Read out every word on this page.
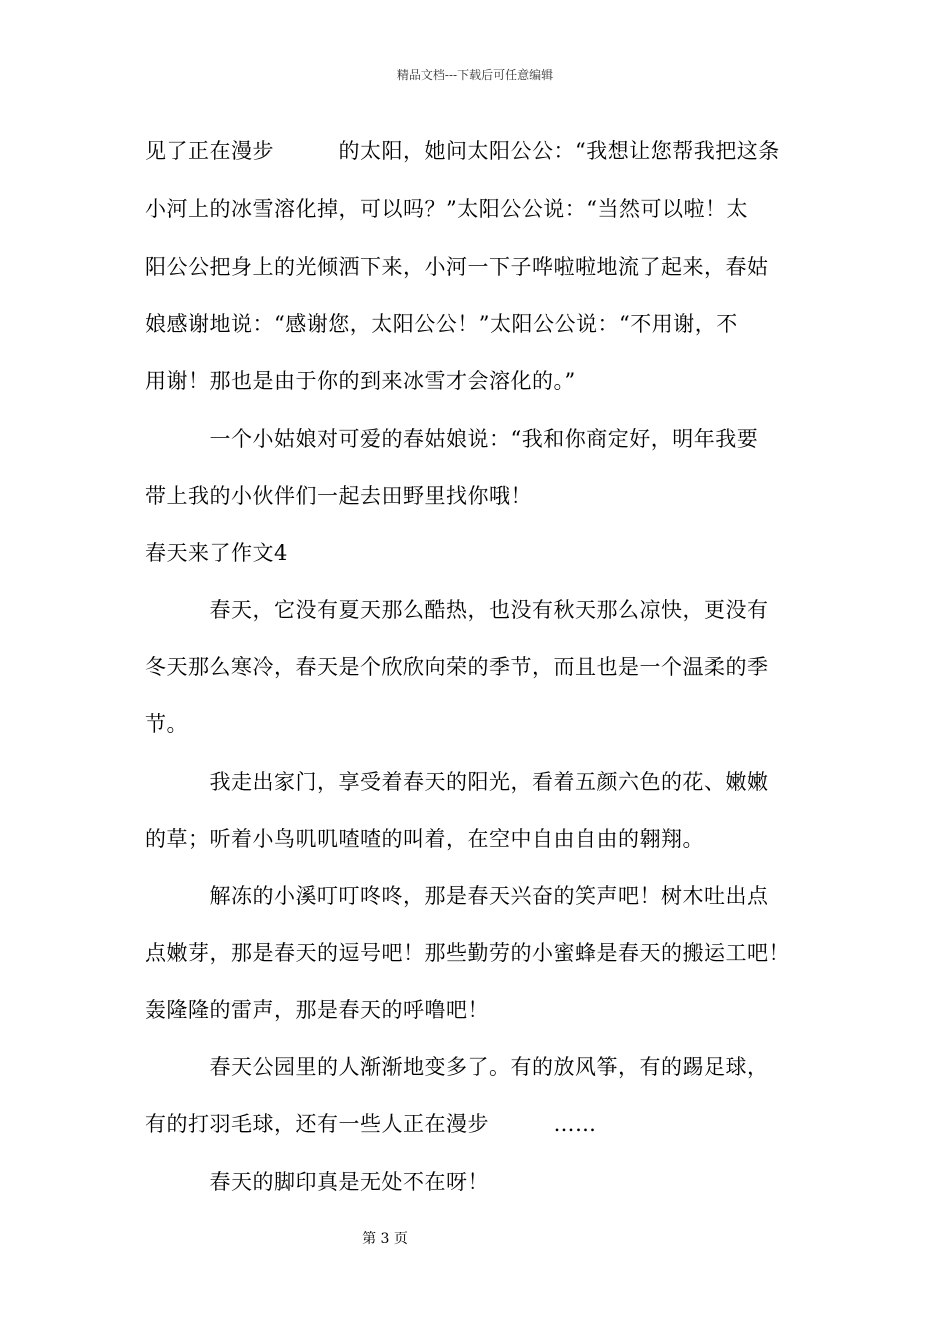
精品文档---下载后可任意编辑
见了正在漫步　　　的太阳，她问太阳公公：“我想让您帮我把这条
小河上的冰雪溶化掉，可以吗？”太阳公公说：“当然可以啦！太
阳公公把身上的光倾洒下来，小河一下子哗啦啦地流了起来，春姑
娘感谢地说：“感谢您，太阳公公！”太阳公公说：“不用谢，不
用谢！那也是由于你的到来冰雪才会溶化的。”
　　　一个小姑娘对可爱的春姑娘说：“我和你商定好，明年我要
带上我的小伙伴们一起去田野里找你哦！
春天来了作文4
　　　春天，它没有夏天那么酷热，也没有秋天那么凉快，更没有
冬天那么寒冷，春天是个欣欣向荣的季节，而且也是一个温柔的季
节。
　　　我走出家门，享受着春天的阳光，看着五颜六色的花、嫩嫩
的草；听着小鸟叽叽喳喳的叫着，在空中自由自由的翱翔。
　　　解冻的小溪叮叮咚咚，那是春天兴奋的笑声吧！树木吐出点
点嫩芽，那是春天的逗号吧！那些勤劳的小蜜蜂是春天的搬运工吧！
轰隆隆的雷声，那是春天的呼噜吧！
　　　春天公园里的人渐渐地变多了。有的放风筝，有的踢足球，
有的打羽毛球，还有一些人正在漫步　　　……
　　　春天的脚印真是无处不在呀！
第 3 页
